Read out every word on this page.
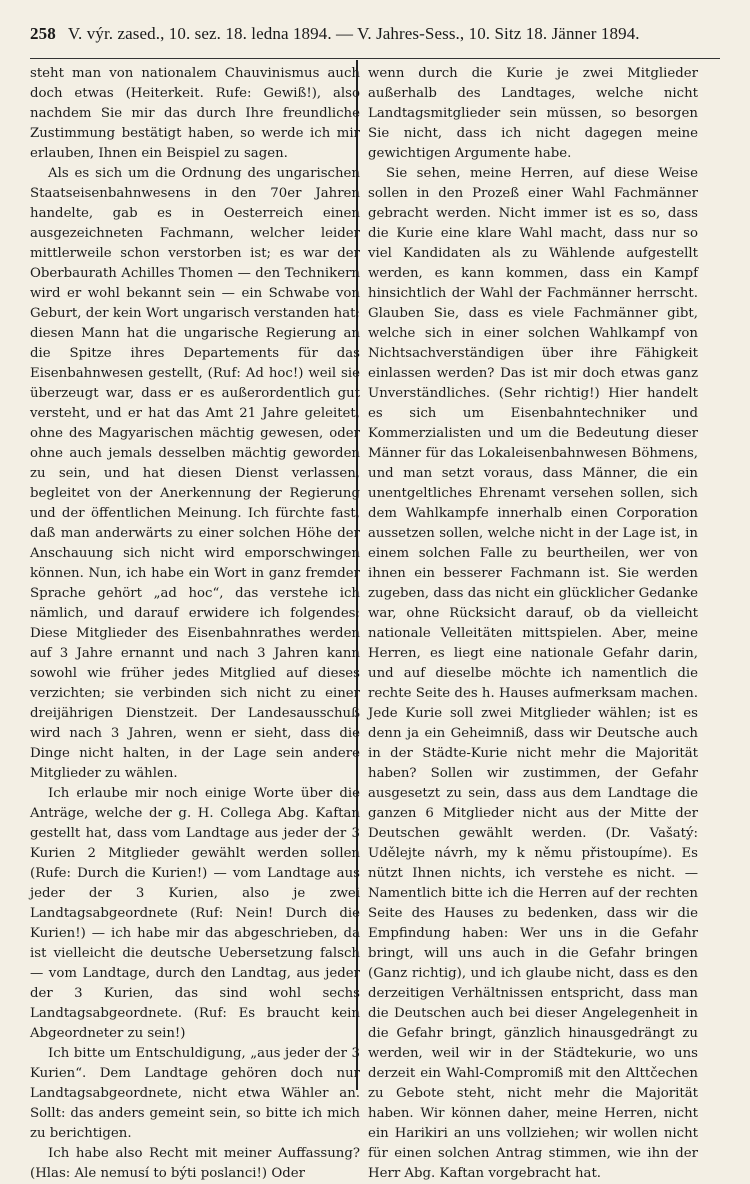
258 V. výr. zased., 10. sez. 18. ledna 1894. — V. Jahres-Sess., 10. Sitz 18. Jänner 1894.

steht man von nationalem Chauvinismus auch doch etwas (Heiterkeit. Rufe: Gewiß!), also nachdem Sie mir das durch Ihre freundliche Zustimmung bestätigt haben, so werde ich mir erlauben, Ihnen ein Beispiel zu sagen.

Als es sich um die Ordnung des ungarischen Staatseisenbahnwesens in den 70er Jahren handelte, gab es in Oesterreich einen ausgezeichneten Fachmann, welcher leider mittlerweile schon verstorben ist; es war der Oberbaurath Achilles Thomen — den Technikern wird er wohl bekannt sein — ein Schwabe von Geburt, der kein Wort ungarisch verstanden hat; diesen Mann hat die ungarische Regierung an die Spitze ihres Departements für das Eisenbahnwesen gestellt, (Ruf: Ad hoc!) weil sie überzeugt war, dass er es außerordentlich gut versteht, und er hat das Amt 21 Jahre geleitet, ohne des Magyarischen mächtig gewesen, oder ohne auch jemals desselben mächtig geworden zu sein, und hat diesen Dienst verlassen, begleitet von der Anerkennung der Regierung und der öffentlichen Meinung. Ich fürchte fast, daß man anderwärts zu einer solchen Höhe der Anschauung sich nicht wird emporschwingen können. Nun, ich habe ein Wort in ganz fremder Sprache gehört „ad hoc“, das verstehe ich nämlich, und darauf erwidere ich folgendes: Diese Mitglieder des Eisenbahnrathes werden auf 3 Jahre ernannt und nach 3 Jahren kann sowohl wie früher jedes Mitglied auf dieses verzichten; sie verbinden sich nicht zu einer dreijährigen Dienstzeit. Der Landesausschuß wird nach 3 Jahren, wenn er sieht, dass die Dinge nicht halten, in der Lage sein andere Mitglieder zu wählen.

Ich erlaube mir noch einige Worte über die Anträge, welche der g. H. Collega Abg. Kaftan gestellt hat, dass vom Landtage aus jeder der 3 Kurien 2 Mitglieder gewählt werden sollen (Rufe: Durch die Kurien!) — vom Landtage aus jeder der 3 Kurien, also je zwei Landtagsabgeordnete (Ruf: Nein! Durch die Kurien!) — ich habe mir das abgeschrieben, da ist vielleicht die deutsche Uebersetzung falsch — vom Landtage, durch den Landtag, aus jeder der 3 Kurien, das sind wohl sechs Landtagsabgeordnete. (Ruf: Es braucht kein Abgeordneter zu sein!)

Ich bitte um Entschuldigung, „aus jeder der 3 Kurien“. Dem Landtage gehören doch nur Landtagsabgeordnete, nicht etwa Wähler an. Sollt: das anders gemeint sein, so bitte ich mich zu berichtigen.

Ich habe also Recht mit meiner Auffassung? (Hlas: Ale nemusí to býti poslanci!) Oder

wenn durch die Kurie je zwei Mitglieder außerhalb des Landtages, welche nicht Landtagsmitglieder sein müssen, so besorgen Sie nicht, dass ich nicht dagegen meine gewichtigen Argumente habe.

Sie sehen, meine Herren, auf diese Weise sollen in den Prozeß einer Wahl Fachmänner gebracht werden. Nicht immer ist es so, dass die Kurie eine klare Wahl macht, dass nur so viel Kandidaten als zu Wählende aufgestellt werden, es kann kommen, dass ein Kampf hinsichtlich der Wahl der Fachmänner herrscht. Glauben Sie, dass es viele Fachmänner gibt, welche sich in einer solchen Wahlkampf von Nichtsachverständigen über ihre Fähigkeit einlassen werden? Das ist mir doch etwas ganz Unverständliches. (Sehr richtig!) Hier handelt es sich um Eisenbahntechniker und Kommerzialisten und um die Bedeutung dieser Männer für das Lokaleisenbahnwesen Böhmens, und man setzt voraus, dass Männer, die ein unentgeltliches Ehrenamt versehen sollen, sich dem Wahlkampfe innerhalb einen Corporation aussetzen sollen, welche nicht in der Lage ist, in einem solchen Falle zu beurtheilen, wer von ihnen ein besserer Fachmann ist. Sie werden zugeben, dass das nicht ein glücklicher Gedanke war, ohne Rücksicht darauf, ob da vielleicht nationale Velleitäten mittspielen. Aber, meine Herren, es liegt eine nationale Gefahr darin, und auf dieselbe möchte ich namentlich die rechte Seite des h. Hauses aufmerksam machen. Jede Kurie soll zwei Mitglieder wählen; ist es denn ja ein Geheimniß, dass wir Deutsche auch in der Städte-Kurie nicht mehr die Majorität haben? Sollen wir zustimmen, der Gefahr ausgesetzt zu sein, dass aus dem Landtage die ganzen 6 Mitglieder nicht aus der Mitte der Deutschen gewählt werden. (Dr. Vašatý: Udělejte návrh, my k němu přistoupíme). Es nützt Ihnen nichts, ich verstehe es nicht. — Namentlich bitte ich die Herren auf der rechten Seite des Hauses zu bedenken, dass wir die Empfindung haben: Wer uns in die Gefahr bringt, will uns auch in die Gefahr bringen (Ganz richtig), und ich glaube nicht, dass es den derzeitigen Verhältnissen entspricht, dass man die Deutschen auch bei dieser Angelegenheit in die Gefahr bringt, gänzlich hinausgedrängt zu werden, weil wir in der Städtekurie, wo uns derzeit ein Wahl-Compromiß mit den Alttčechen zu Gebote steht, nicht mehr die Majorität haben. Wir können daher, meine Herren, nicht ein Harikiri an uns vollziehen; wir wollen nicht für einen solchen Antrag stimmen, wie ihn der Herr Abg. Kaftan vorgebracht hat.
